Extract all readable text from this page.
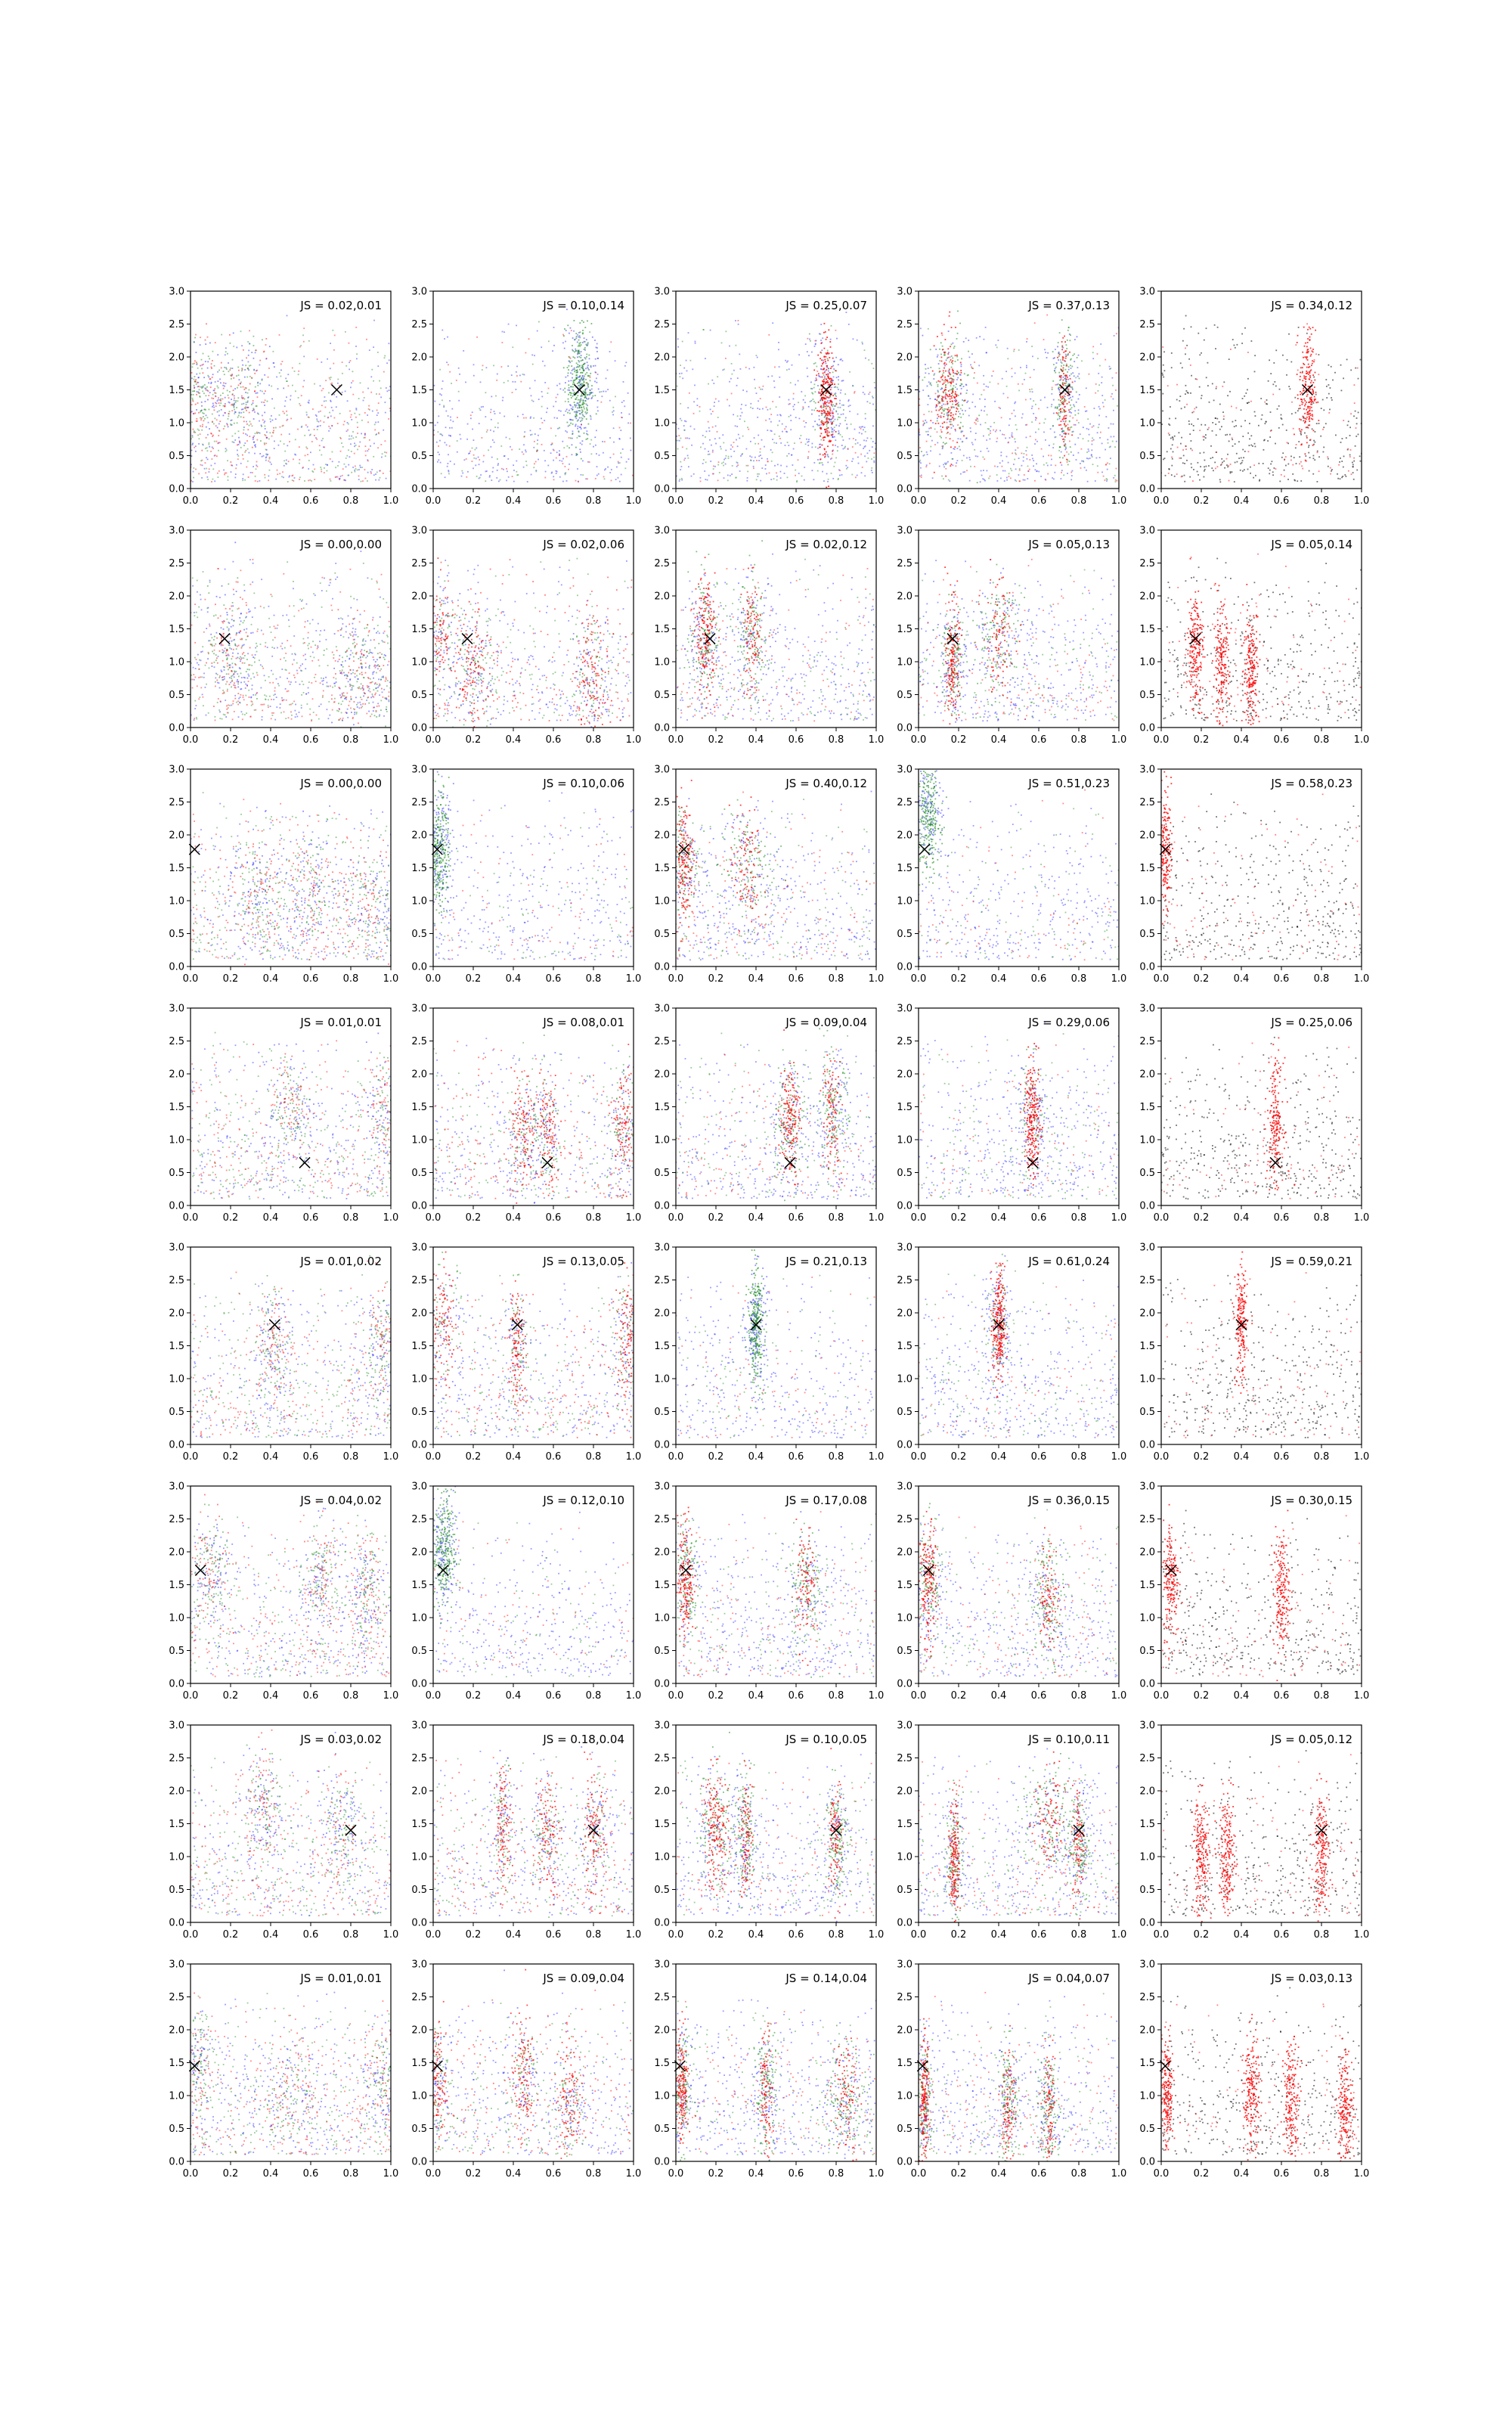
0.0 0.2 0.4 0.6 0.8 1.0
0.0
0.5
1.0
1.5
2.0
2.5
3.0
JS = 0.02,0.01
0.0 0.2 0.4 0.6 0.8 1.0
0.0
0.5
1.0
1.5
2.0
2.5
3.0
JS = 0.10,0.14
0.0 0.2 0.4 0.6 0.8 1.0
0.0
0.5
1.0
1.5
2.0
2.5
3.0
JS = 0.25,0.07
0.0 0.2 0.4 0.6 0.8 1.0
0.0
0.5
1.0
1.5
2.0
2.5
3.0
JS = 0.37,0.13
0.0 0.2 0.4 0.6 0.8 1.0
0.0
0.5
1.0
1.5
2.0
2.5
3.0
JS = 0.34,0.12
0.0 0.2 0.4 0.6 0.8 1.0
0.0
0.5
1.0
1.5
2.0
2.5
3.0
JS = 0.00,0.00
0.0 0.2 0.4 0.6 0.8 1.0
0.0
0.5
1.0
1.5
2.0
2.5
3.0
JS = 0.02,0.06
0.0 0.2 0.4 0.6 0.8 1.0
0.0
0.5
1.0
1.5
2.0
2.5
3.0
JS = 0.02,0.12
0.0 0.2 0.4 0.6 0.8 1.0
0.0
0.5
1.0
1.5
2.0
2.5
3.0
JS = 0.05,0.13
0.0 0.2 0.4 0.6 0.8 1.0
0.0
0.5
1.0
1.5
2.0
2.5
3.0
JS = 0.05,0.14
0.0 0.2 0.4 0.6 0.8 1.0
0.0
0.5
1.0
1.5
2.0
2.5
3.0
JS = 0.00,0.00
0.0 0.2 0.4 0.6 0.8 1.0
0.0
0.5
1.0
1.5
2.0
2.5
3.0
JS = 0.10,0.06
0.0 0.2 0.4 0.6 0.8 1.0
0.0
0.5
1.0
1.5
2.0
2.5
3.0
JS = 0.40,0.12
0.0 0.2 0.4 0.6 0.8 1.0
0.0
0.5
1.0
1.5
2.0
2.5
3.0
JS = 0.51,0.23
0.0 0.2 0.4 0.6 0.8 1.0
0.0
0.5
1.0
1.5
2.0
2.5
3.0
JS = 0.58,0.23
0.0 0.2 0.4 0.6 0.8 1.0
0.0
0.5
1.0
1.5
2.0
2.5
3.0
JS = 0.01,0.01
0.0 0.2 0.4 0.6 0.8 1.0
0.0
0.5
1.0
1.5
2.0
2.5
3.0
JS = 0.08,0.01
0.0 0.2 0.4 0.6 0.8 1.0
0.0
0.5
1.0
1.5
2.0
2.5
3.0
JS = 0.09,0.04
0.0 0.2 0.4 0.6 0.8 1.0
0.0
0.5
1.0
1.5
2.0
2.5
3.0
JS = 0.29,0.06
0.0 0.2 0.4 0.6 0.8 1.0
0.0
0.5
1.0
1.5
2.0
2.5
3.0
JS = 0.25,0.06
0.0 0.2 0.4 0.6 0.8 1.0
0.0
0.5
1.0
1.5
2.0
2.5
3.0
JS = 0.01,0.02
0.0 0.2 0.4 0.6 0.8 1.0
0.0
0.5
1.0
1.5
2.0
2.5
3.0
JS = 0.13,0.05
0.0 0.2 0.4 0.6 0.8 1.0
0.0
0.5
1.0
1.5
2.0
2.5
3.0
JS = 0.21,0.13
0.0 0.2 0.4 0.6 0.8 1.0
0.0
0.5
1.0
1.5
2.0
2.5
3.0
JS = 0.61,0.24
0.0 0.2 0.4 0.6 0.8 1.0
0.0
0.5
1.0
1.5
2.0
2.5
3.0
JS = 0.59,0.21
0.0 0.2 0.4 0.6 0.8 1.0
0.0
0.5
1.0
1.5
2.0
2.5
3.0
JS = 0.04,0.02
0.0 0.2 0.4 0.6 0.8 1.0
0.0
0.5
1.0
1.5
2.0
2.5
3.0
JS = 0.12,0.10
0.0 0.2 0.4 0.6 0.8 1.0
0.0
0.5
1.0
1.5
2.0
2.5
3.0
JS = 0.17,0.08
0.0 0.2 0.4 0.6 0.8 1.0
0.0
0.5
1.0
1.5
2.0
2.5
3.0
JS = 0.36,0.15
0.0 0.2 0.4 0.6 0.8 1.0
0.0
0.5
1.0
1.5
2.0
2.5
3.0
JS = 0.30,0.15
0.0 0.2 0.4 0.6 0.8 1.0
0.0
0.5
1.0
1.5
2.0
2.5
3.0
JS = 0.03,0.02
0.0 0.2 0.4 0.6 0.8 1.0
0.0
0.5
1.0
1.5
2.0
2.5
3.0
JS = 0.18,0.04
0.0 0.2 0.4 0.6 0.8 1.0
0.0
0.5
1.0
1.5
2.0
2.5
3.0
JS = 0.10,0.05
0.0 0.2 0.4 0.6 0.8 1.0
0.0
0.5
1.0
1.5
2.0
2.5
3.0
JS = 0.10,0.11
0.0 0.2 0.4 0.6 0.8 1.0
0.0
0.5
1.0
1.5
2.0
2.5
3.0
JS = 0.05,0.12
0.0 0.2 0.4 0.6 0.8 1.0
0.0
0.5
1.0
1.5
2.0
2.5
3.0
JS = 0.01,0.01
0.0 0.2 0.4 0.6 0.8 1.0
0.0
0.5
1.0
1.5
2.0
2.5
3.0
JS = 0.09,0.04
0.0 0.2 0.4 0.6 0.8 1.0
0.0
0.5
1.0
1.5
2.0
2.5
3.0
JS = 0.14,0.04
0.0 0.2 0.4 0.6 0.8 1.0
0.0
0.5
1.0
1.5
2.0
2.5
3.0
JS = 0.04,0.07
0.0 0.2 0.4 0.6 0.8 1.0
0.0
0.5
1.0
1.5
2.0
2.5
3.0
JS = 0.03,0.13
